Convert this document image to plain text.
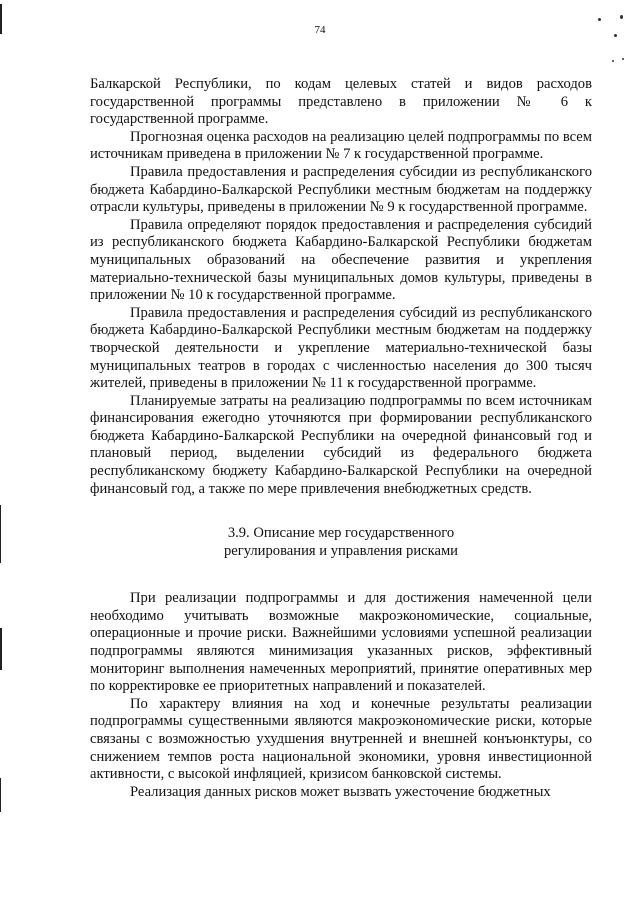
74

Балкарской Республики, по кодам целевых статей и видов расходов государственной программы представлено в приложении № 6 к государственной программе.

Прогнозная оценка расходов на реализацию целей подпрограммы по всем источникам приведена в приложении № 7 к государственной программе.

Правила предоставления и распределения субсидии из республиканского бюджета Кабардино-Балкарской Республики местным бюджетам на поддержку отрасли культуры, приведены в приложении № 9 к государственной программе.

Правила определяют порядок предоставления и распределения субсидий из республиканского бюджета Кабардино-Балкарской Республики бюджетам муниципальных образований на обеспечение развития и укрепления материально-технической базы муниципальных домов культуры, приведены в приложении № 10 к государственной программе.

Правила предоставления и распределения субсидий из республиканского бюджета Кабардино-Балкарской Республики местным бюджетам на поддержку творческой деятельности и укрепление материально-технической базы муниципальных театров в городах с численностью населения до 300 тысяч жителей, приведены в приложении № 11 к государственной программе.

Планируемые затраты на реализацию подпрограммы по всем источникам финансирования ежегодно уточняются при формировании республиканского бюджета Кабардино-Балкарской Республики на очередной финансовый год и плановый период, выделении субсидий из федерального бюджета республиканскому бюджету Кабардино-Балкарской Республики на очередной финансовый год, а также по мере привлечения внебюджетных средств.

3.9. Описание мер государственного
регулирования и управления рисками

При реализации подпрограммы и для достижения намеченной цели необходимо учитывать возможные макроэкономические, социальные, операционные и прочие риски. Важнейшими условиями успешной реализации подпрограммы являются минимизация указанных рисков, эффективный мониторинг выполнения намеченных мероприятий, принятие оперативных мер по корректировке ее приоритетных направлений и показателей.

По характеру влияния на ход и конечные результаты реализации подпрограммы существенными являются макроэкономические риски, которые связаны с возможностью ухудшения внутренней и внешней конъюнктуры, со снижением темпов роста национальной экономики, уровня инвестиционной активности, с высокой инфляцией, кризисом банковской системы.

Реализация данных рисков может вызвать ужесточение бюджетных
